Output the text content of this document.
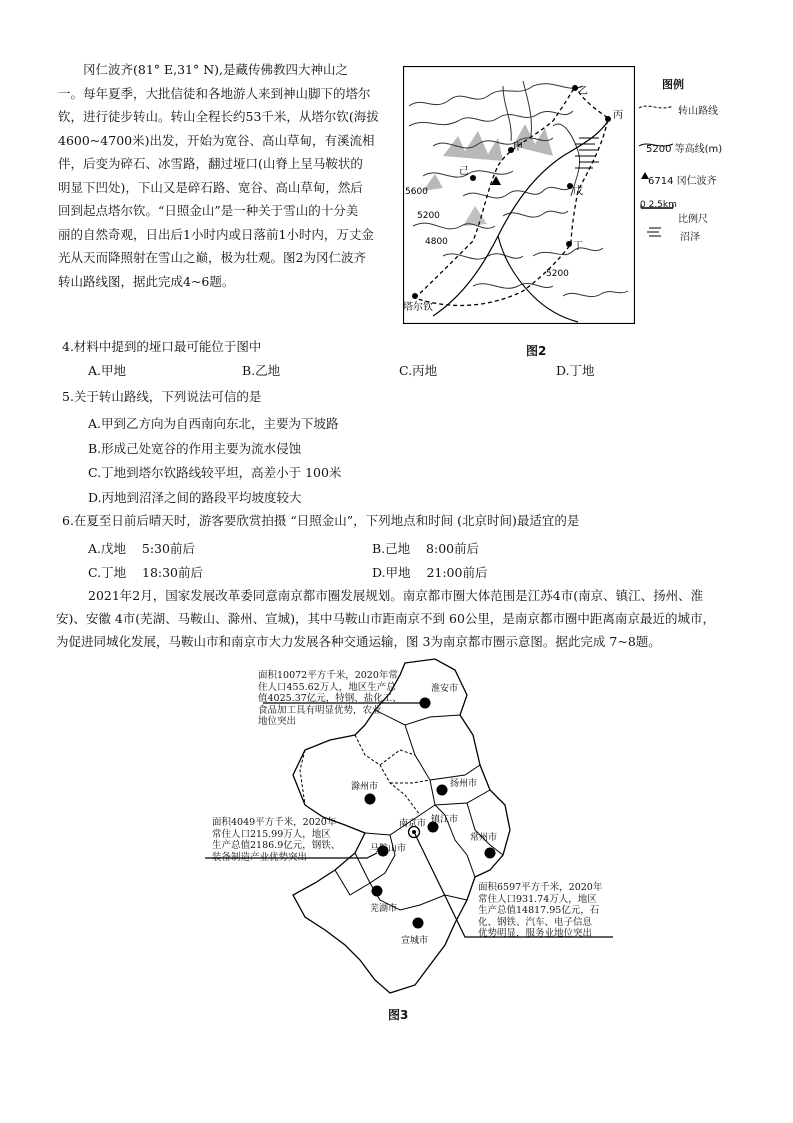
冈仁波齐(81° E,31° N),是藏传佛教四大神山之
一。每年夏季，大批信徒和各地游人来到神山脚下的塔尔
钦，进行徒步转山。转山全程长约53千米，从塔尔钦(海拔
4600~4700米)出发，开始为宽谷、高山草甸，有溪流相
伴，后变为碎石、冰雪路，翻过垭口(山脊上呈马鞍状的
明显下凹处)，下山又是碎石路、宽谷、高山草甸，然后
回到起点塔尔钦。“日照金山”是一种关于雪山的十分美
丽的自然奇观，日出后1小时内或日落前1小时内，万丈金
光从天而降照射在雪山之巅，极为壮观。图2为冈仁波齐
转山路线图，据此完成4~6题。
乙
丙
甲
己
戊
丁
塔尔钦
5600
5200
4800
5200
图例
转山路线
5200 等高线(m)
6714 冈仁波齐
0 2.5km
比例尺
沼泽
图2
4.材料中提到的垭口最可能位于图中
A.甲地	B.乙地	C.丙地	D.丁地
5.关于转山路线，下列说法可信的是
A.甲到乙方向为自西南向东北，主要为下坡路
B.形成己处宽谷的作用主要为流水侵蚀
C.丁地到塔尔钦路线较平坦，高差小于 100米
D.丙地到沼泽之间的路段平均坡度较大
6.在夏至日前后晴天时，游客要欣赏拍摄 “日照金山”，下列地点和时间 (北京时间)最适宜的是
A.戊地    5:30前后	B.己地    8:00前后
C.丁地    18:30前后	D.甲地    21:00前后
2021年2月，国家发展改革委同意南京都市圈发展规划。南京都市圈大体范围是江苏4市(南京、镇江、扬州、淮
安)、安徽 4市(芜湖、马鞍山、滁州、宣城)，其中马鞍山市距南京不到 60公里，是南京都市圈中距离南京最近的城市，
为促进同城化发展，马鞍山市和南京市大力发展各种交通运输，图 3为南京都市圈示意图。据此完成 7~8题。
淮安市
扬州市
滁州市
南京市 镇江市
常州市
马鞍山市
芜湖市
宣城市
面积10072平方千米，2020年常
住人口455.62万人，地区生产总
值4025.37亿元，特钢、盐化工、
食品加工具有明显优势，农业
地位突出
面积4049平方千米，2020年
常住人口215.99万人，地区
生产总值2186.9亿元，钢铁、
装备制造产业优势突出
面积6597平方千米，2020年
常住人口931.74万人，地区
生产总值14817.95亿元，石
化、钢铁、汽车、电子信息
优势明显，服务业地位突出
图3
